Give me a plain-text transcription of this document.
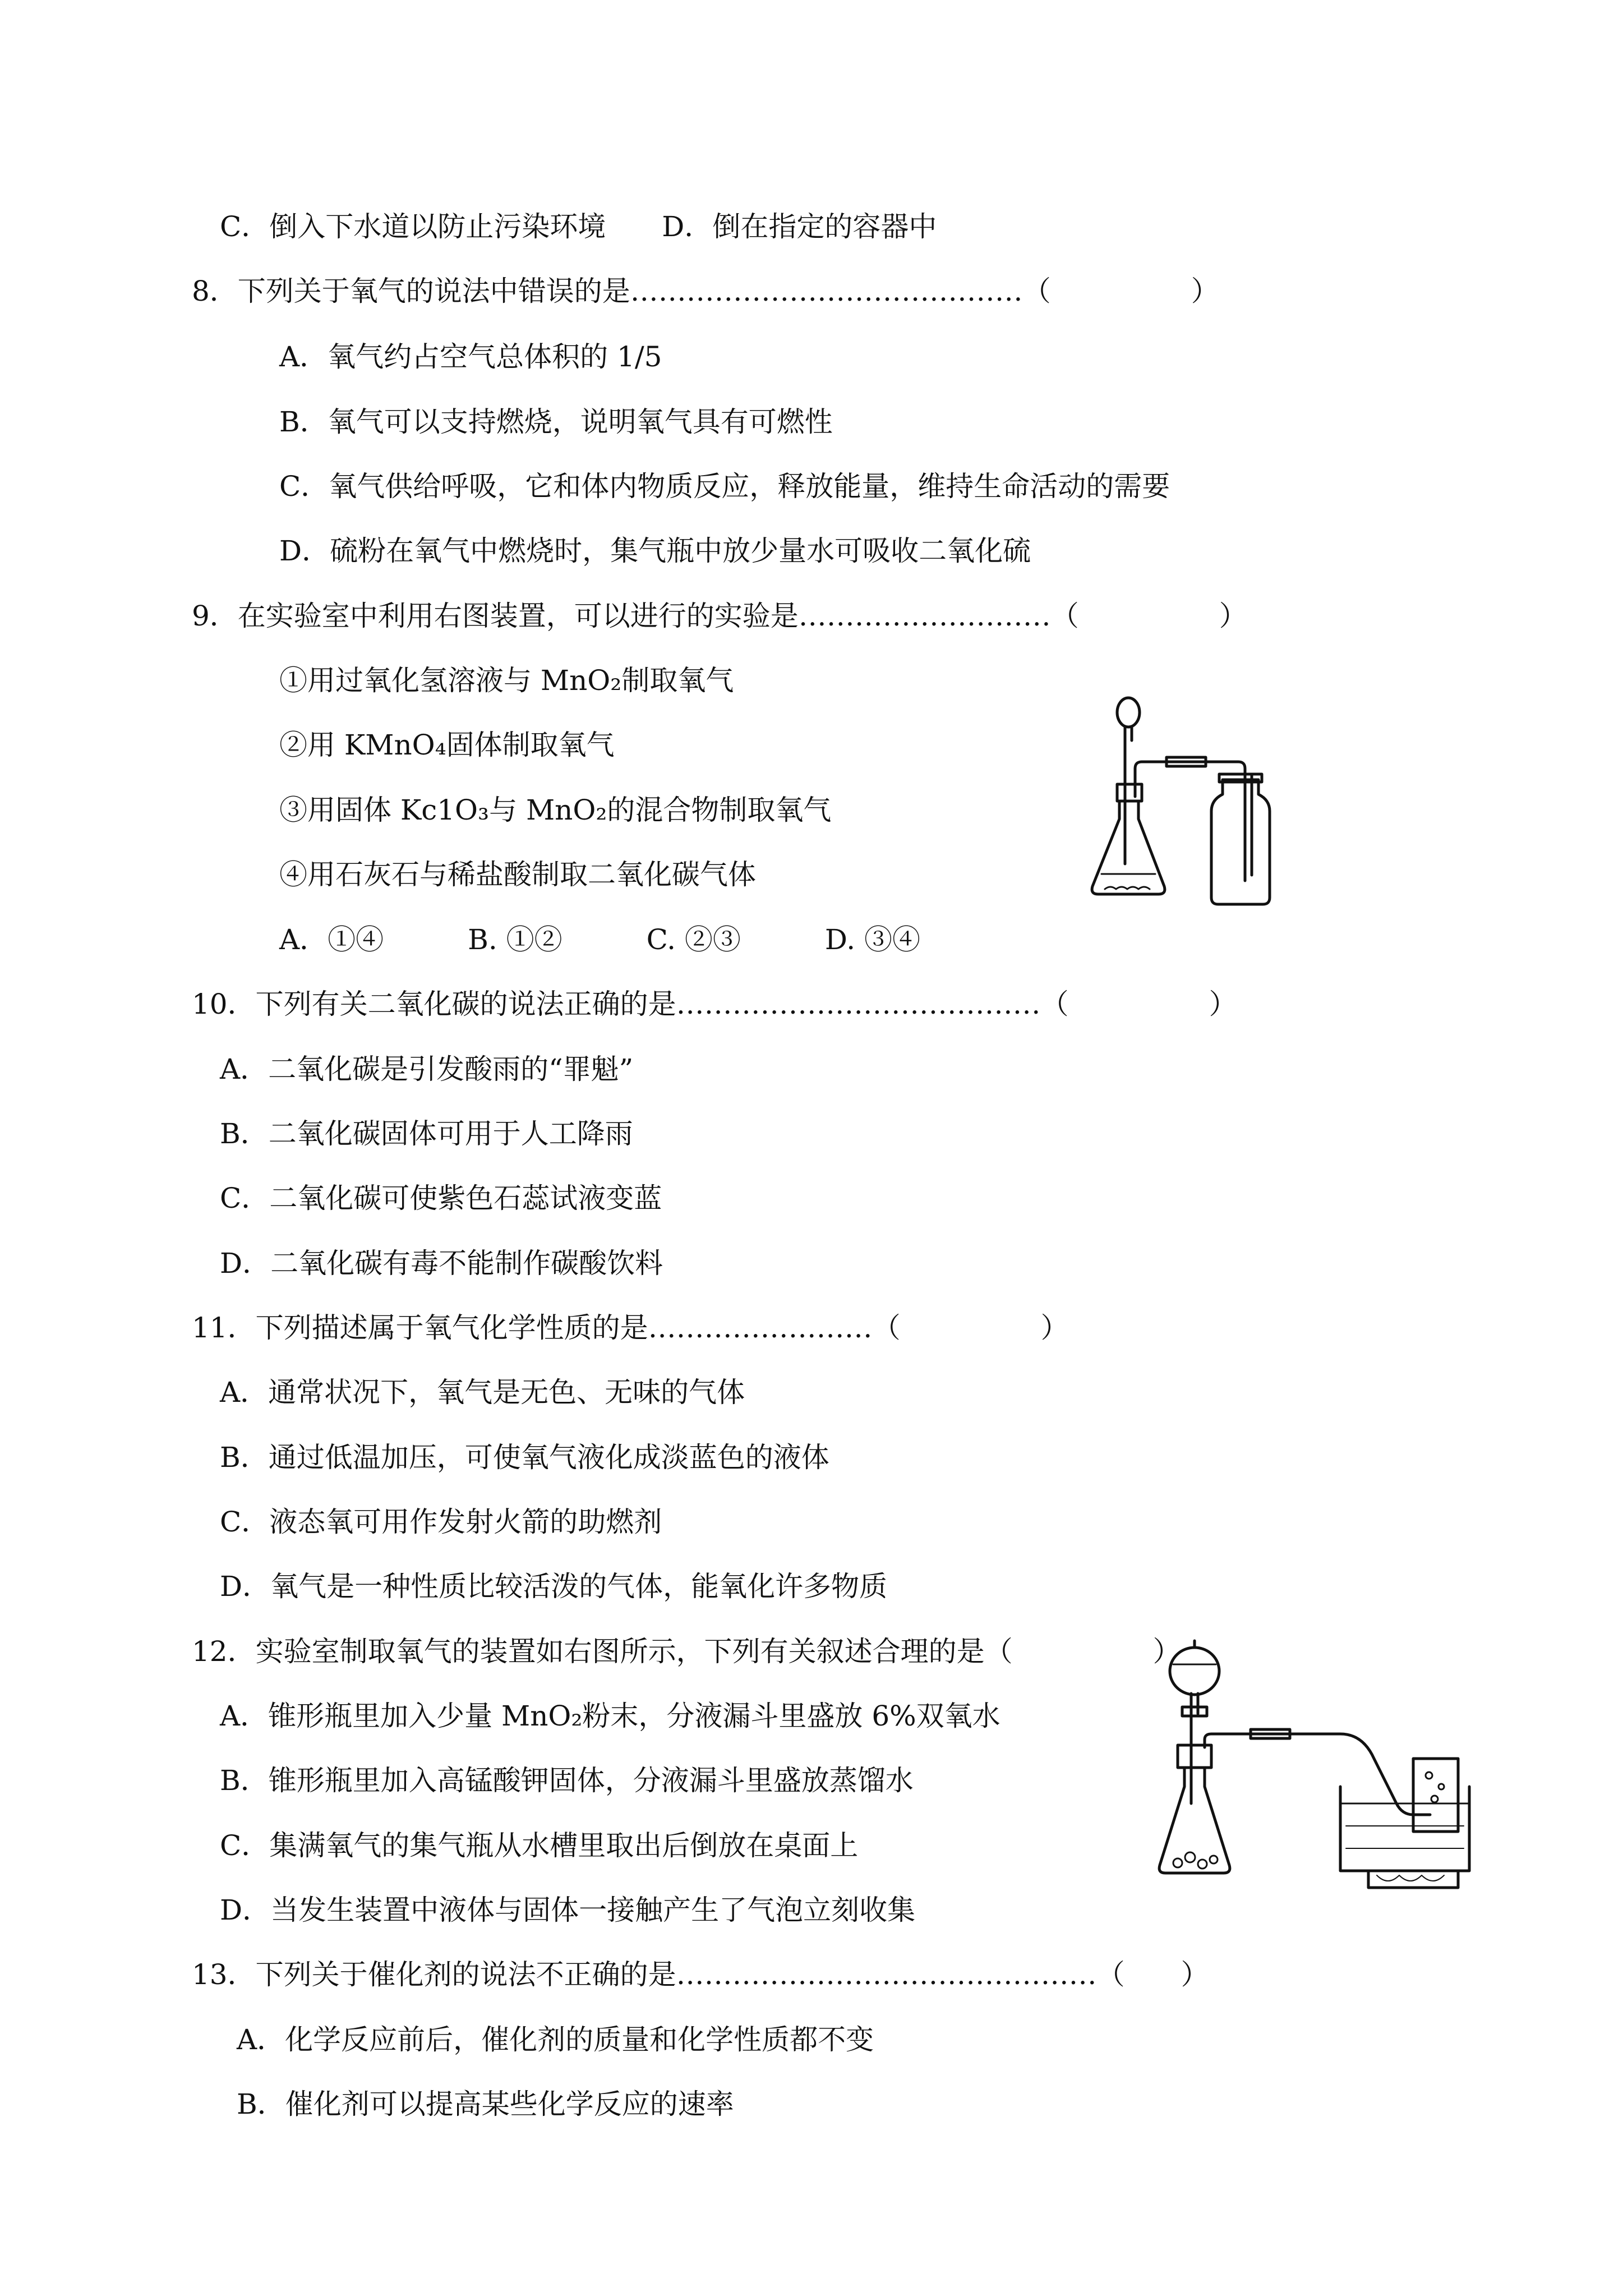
C．倒入下水道以防止污染环境　　D．倒在指定的容器中
8．下列关于氧气的说法中错误的是……………………………………（　　　　　）
A．氧气约占空气总体积的 1/5
B．氧气可以支持燃烧，说明氧气具有可燃性
C．氧气供给呼吸，它和体内物质反应，释放能量，维持生命活动的需要
D．硫粉在氧气中燃烧时，集气瓶中放少量水可吸收二氧化硫
9．在实验室中利用右图装置，可以进行的实验是………………………（　　　　　）
①用过氧化氢溶液与 MnO₂制取氧气
②用 KMnO₄固体制取氧气
③用固体 Kc1O₃与 MnO₂的混合物制取氧气
④用石灰石与稀盐酸制取二氧化碳气体
A．①④　　　B. ①②　　　C. ②③　　　D. ③④
10．下列有关二氧化碳的说法正确的是…………………………………（　　　　　）
A．二氧化碳是引发酸雨的“罪魁”
B．二氧化碳固体可用于人工降雨
C．二氧化碳可使紫色石蕊试液变蓝
D．二氧化碳有毒不能制作碳酸饮料
11．下列描述属于氧气化学性质的是……………………（　　　　　）
A．通常状况下，氧气是无色、无味的气体
B．通过低温加压，可使氧气液化成淡蓝色的液体
C．液态氧可用作发射火箭的助燃剂
D．氧气是一种性质比较活泼的气体，能氧化许多物质
12．实验室制取氧气的装置如右图所示，下列有关叙述合理的是（　　　　　）
A．锥形瓶里加入少量 MnO₂粉末，分液漏斗里盛放 6%双氧水
B．锥形瓶里加入高锰酸钾固体，分液漏斗里盛放蒸馏水
C．集满氧气的集气瓶从水槽里取出后倒放在桌面上
D．当发生装置中液体与固体一接触产生了气泡立刻收集
13．下列关于催化剂的说法不正确的是………………………………………（　　）
A．化学反应前后，催化剂的质量和化学性质都不变
B．催化剂可以提高某些化学反应的速率
